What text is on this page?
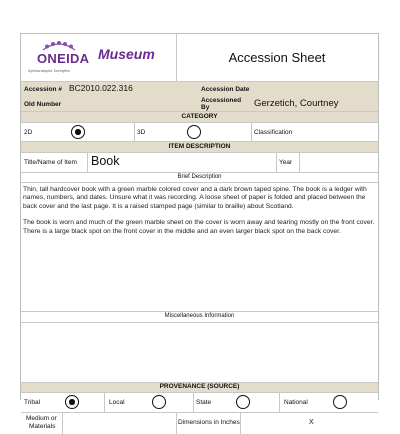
ONEIDA
Ayenka'atayela Twentyfive
Museum	Accession Sheet
Accession # BC2010.022.316	Accession Date
Old Number
Accessioned
By	Gerzetich, Courtney
CATEGORY
2D	3D	Classification
ITEM DESCRIPTION
Title/Name of Item Book	Year
Brief Description

Thin, tall hardcover book with a green marble colored cover and a dark brown taped spine. The book is a ledger with names, numbers, and dates. Unsure what it was recording. A loose sheet of paper is folded and placed between the back cover and the last page. It is a raised stamped page (similar to braille) about Scotland.

The book is worn and much of the green marble sheet on the cover is worn away and tearing mostly on the front cover. There is a large black spot on the front cover in the middle and an even larger black spot on the back cover.

Miscellaneous Information
PROVENANCE (SOURCE)
Tribal	Local	State	National
Medium or
Materials
Dimensions in Inches	X
